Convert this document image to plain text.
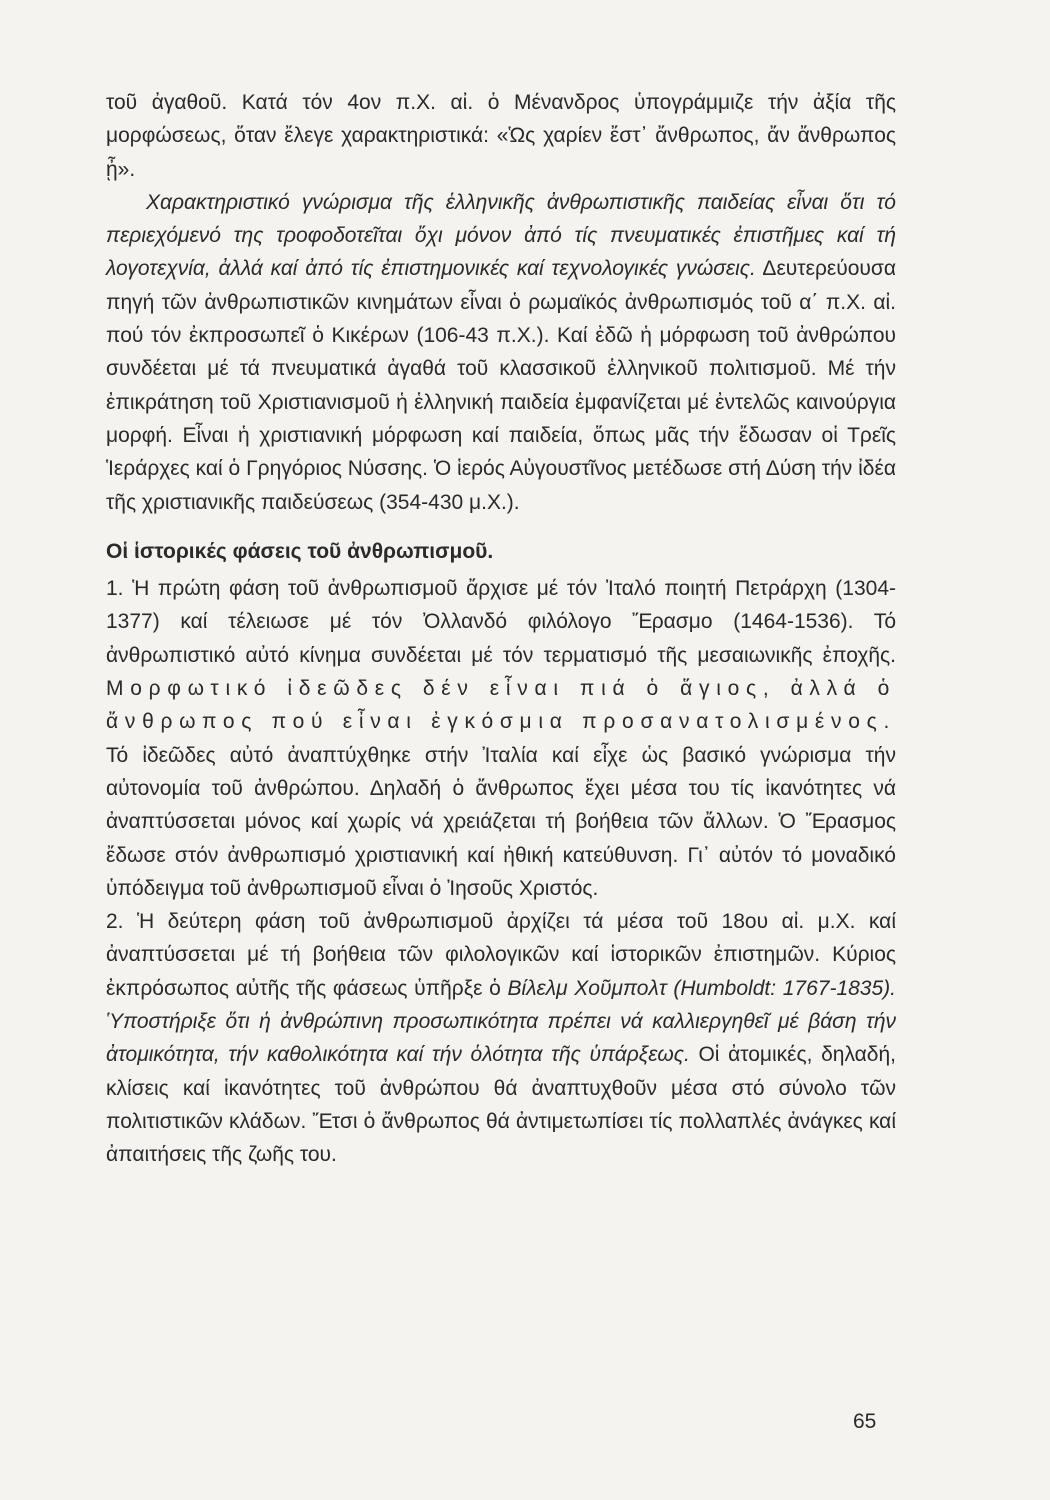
τοῦ ἀγαθοῦ. Κατά τόν 4ον π.Χ. αἰ. ὁ Μένανδρος ὑπογράμμιζε τήν ἀξία τῆς μορφώσεως, ὅταν ἔλεγε χαρακτηριστικά: «Ὡς χαρίεν ἔστ᾽ ἄνθρωπος, ἄν ἄνθρωπος ᾖ».

Χαρακτηριστικό γνώρισμα τῆς ἑλληνικῆς ἀνθρωπιστικῆς παιδείας εἶναι ὅτι τό περιεχόμενό της τροφοδοτεῖται ὄχι μόνον ἀπό τίς πνευματικές ἐπιστῆμες καί τή λογοτεχνία, ἀλλά καί ἀπό τίς ἐπιστημονικές καί τεχνολογικές γνώσεις. Δευτερεύουσα πηγή τῶν ἀνθρωπιστικῶν κινημάτων εἶναι ὁ ρωμαϊκός ἀνθρωπισμός τοῦ α΄ π.Χ. αἰ. πού τόν ἐκπροσωπεῖ ὁ Κικέρων (106-43 π.Χ.). Καί ἐδῶ ἡ μόρφωση τοῦ ἀνθρώπου συνδέεται μέ τά πνευματικά ἀγαθά τοῦ κλασσικοῦ ἑλληνικοῦ πολιτισμοῦ. Μέ τήν ἐπικράτηση τοῦ Χριστιανισμοῦ ἡ ἑλληνική παιδεία ἐμφανίζεται μέ ἐντελῶς καινούργια μορφή. Εἶναι ἡ χριστιανική μόρφωση καί παιδεία, ὅπως μᾶς τήν ἔδωσαν οἱ Τρεῖς Ἱεράρχες καί ὁ Γρηγόριος Νύσσης. Ὁ ἱερός Αὐγουστῖνος μετέδωσε στή Δύση τήν ἰδέα τῆς χριστιανικῆς παιδεύσεως (354-430 μ.Χ.).

Οἱ ἱστορικές φάσεις τοῦ ἀνθρωπισμοῦ.

1. Ἡ πρώτη φάση τοῦ ἀνθρωπισμοῦ ἄρχισε μέ τόν Ἰταλό ποιητή Πετράρχη (1304-1377) καί τέλειωσε μέ τόν Ὀλλανδό φιλόλογο Ἔρασμο (1464-1536). Τό ἀνθρωπιστικό αὐτό κίνημα συνδέεται μέ τόν τερματισμό τῆς μεσαιωνικῆς ἐποχῆς. Μορφωτικό ἰδεῶδες δέν εἶναι πιά ὁ ἅγιος, ἀλλά ὁ ἄνθρωπος πού εἶναι ἐγκόσμια προσανατολισμένος. Τό ἰδεῶδες αὐτό ἀναπτύχθηκε στήν Ἰταλία καί εἶχε ὡς βασικό γνώρισμα τήν αὐτονομία τοῦ ἀνθρώπου. Δηλαδή ὁ ἄνθρωπος ἔχει μέσα του τίς ἱκανότητες νά ἀναπτύσσεται μόνος καί χωρίς νά χρειάζεται τή βοήθεια τῶν ἄλλων. Ὁ Ἔρασμος ἔδωσε στόν ἀνθρωπισμό χριστιανική καί ἠθική κατεύθυνση. Γι᾽ αὐτόν τό μοναδικό ὑπόδειγμα τοῦ ἀνθρωπισμοῦ εἶναι ὁ Ἰησοῦς Χριστός.

2. Ἡ δεύτερη φάση τοῦ ἀνθρωπισμοῦ ἀρχίζει τά μέσα τοῦ 18ου αἰ. μ.Χ. καί ἀναπτύσσεται μέ τή βοήθεια τῶν φιλολογικῶν καί ἱστορικῶν ἐπιστημῶν. Κύριος ἐκπρόσωπος αὐτῆς τῆς φάσεως ὑπῆρξε ὁ Βίλελμ Χοῦμπολτ (Humboldt: 1767-1835). Ὑποστήριξε ὅτι ἡ ἀνθρώπινη προσωπικότητα πρέπει νά καλλιεργηθεῖ μέ βάση τήν ἀτομικότητα, τήν καθολικότητα καί τήν ὁλότητα τῆς ὑπάρξεως. Οἱ ἀτομικές, δηλαδή, κλίσεις καί ἱκανότητες τοῦ ἀνθρώπου θά ἀναπτυχθοῦν μέσα στό σύνολο τῶν πολιτιστικῶν κλάδων. Ἔτσι ὁ ἄνθρωπος θά ἀντιμετωπίσει τίς πολλαπλές ἀνάγκες καί ἀπαιτήσεις τῆς ζωῆς του.

65
